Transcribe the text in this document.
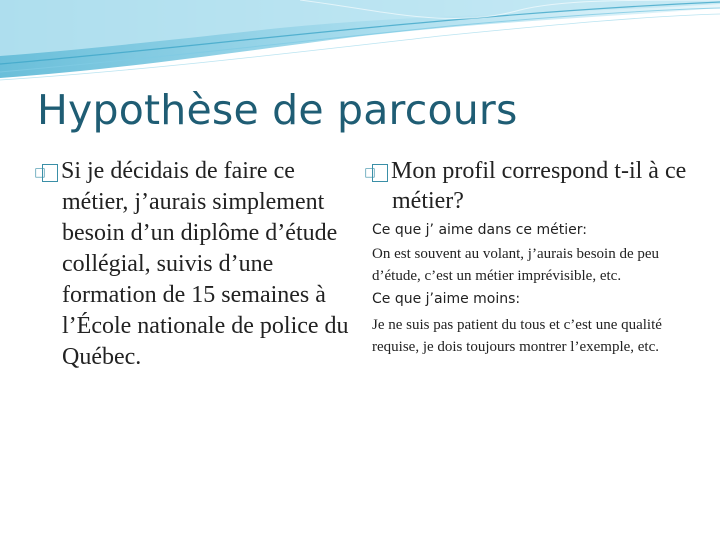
Hypothèse de parcours

□ Si je décidais de faire ce métier, j’aurais simplement besoin d’un diplôme d’étude collégial, suivis d’une formation de 15 semaines à l’École nationale de police du Québec.

□ Mon profil correspond t-il à ce métier?

Ce que j’ aime dans ce métier:

On est souvent au volant, j’aurais besoin de peu d’étude, c’est un métier imprévisible, etc.

Ce que j’aime moins:

Je ne suis pas patient du tous et c’est une qualité requise, je dois toujours montrer l’exemple, etc.
